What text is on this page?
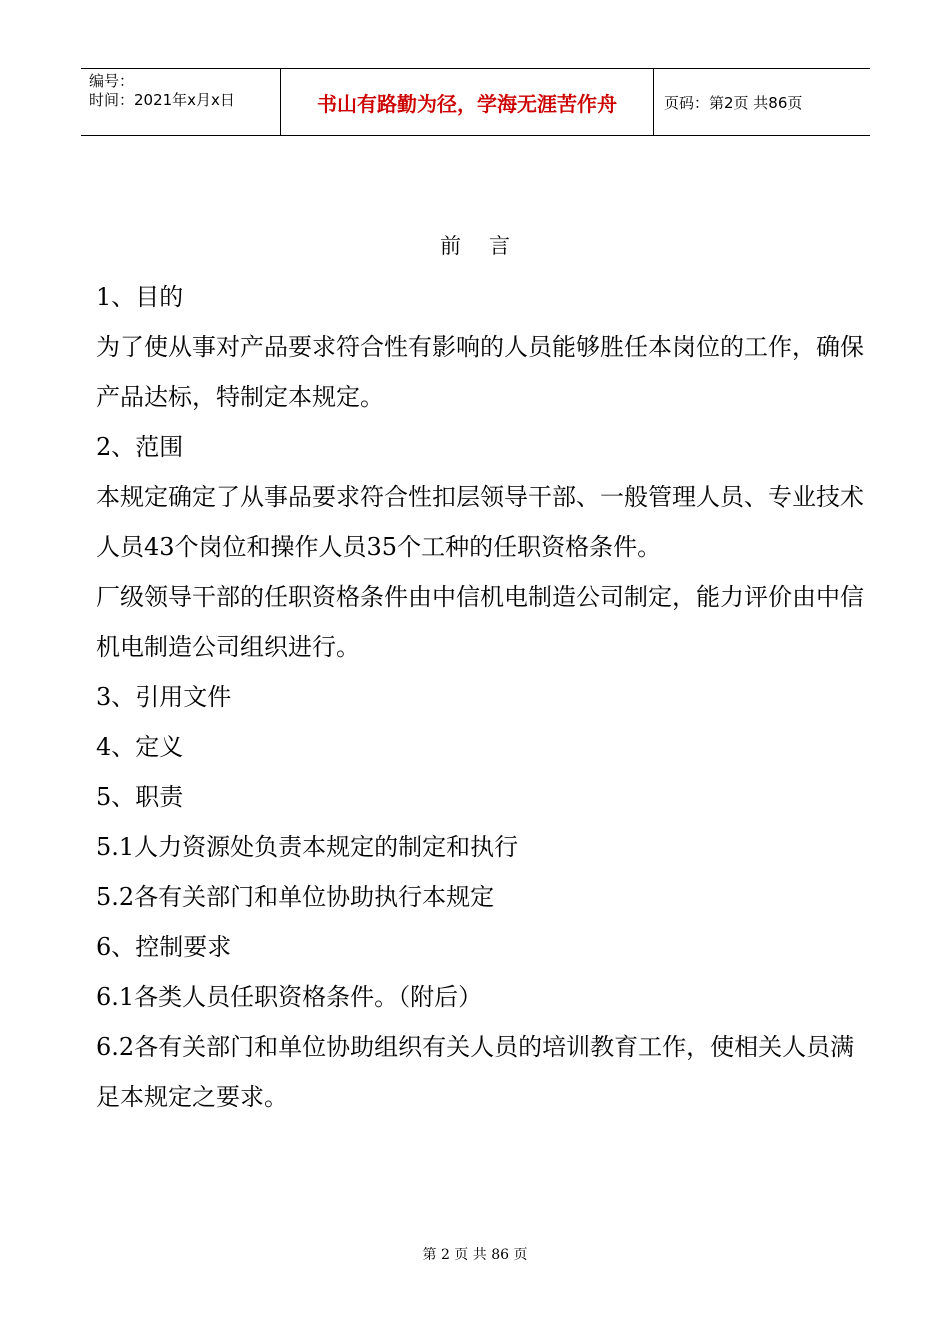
编号：
时间：2021年x月x日	书山有路勤为径，学海无涯苦作舟	页码：第2页 共86页
前言

1、目的

为了使从事对产品要求符合性有影响的人员能够胜任本岗位的工作，确保产品达标，特制定本规定。

2、范围

本规定确定了从事品要求符合性扣层领导干部、一般管理人员、专业技术人员43个岗位和操作人员35个工种的任职资格条件。

厂级领导干部的任职资格条件由中信机电制造公司制定，能力评价由中信机电制造公司组织进行。

3、引用文件

4、定义

5、职责

5.1人力资源处负责本规定的制定和执行

5.2各有关部门和单位协助执行本规定

6、控制要求

6.1各类人员任职资格条件。（附后）

6.2各有关部门和单位协助组织有关人员的培训教育工作，使相关人员满足本规定之要求。

第 2 页 共 86 页
